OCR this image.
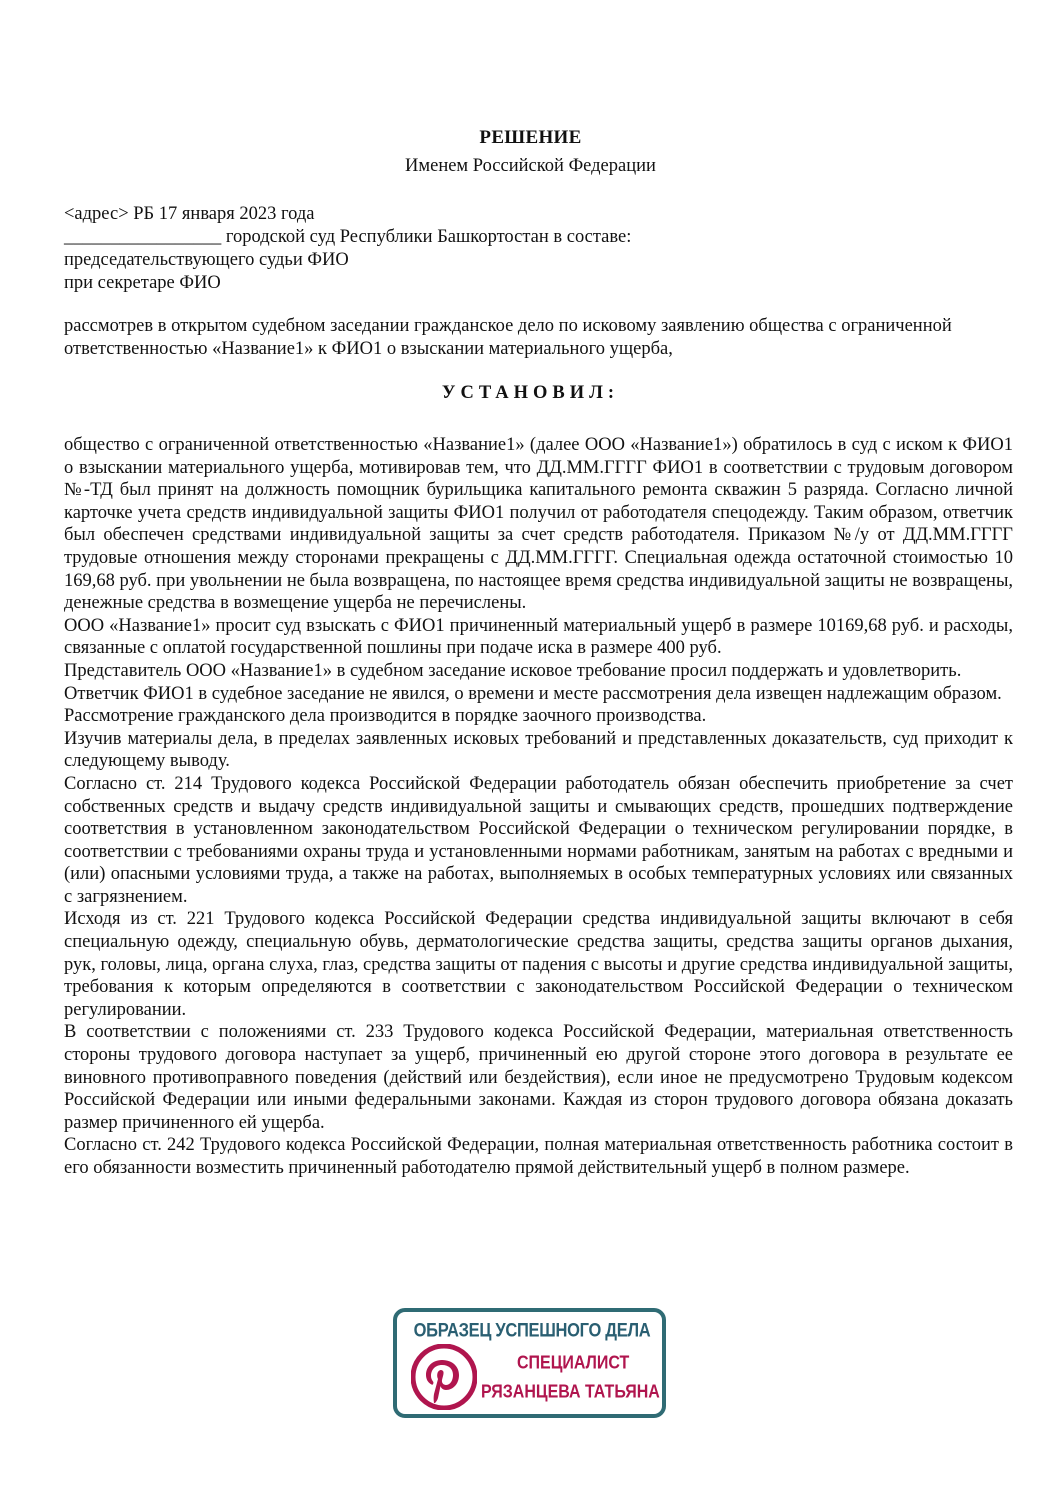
РЕШЕНИЕ
Именем Российской Федерации
<адрес> РБ 17 января 2023 года
_________________ городской суд Республики Башкортостан в составе:
председательствующего судьи ФИО
при секретаре ФИО
рассмотрев в открытом судебном заседании гражданское дело по исковому заявлению общества с ограниченной ответственностью «Название1» к ФИО1 о взыскании материального ущерба,
УСТАНОВИЛ:

общество с ограниченной ответственностью «Название1» (далее ООО «Название1») обратилось в суд с иском к ФИО1 о взыскании материального ущерба, мотивировав тем, что ДД.ММ.ГГГГ ФИО1 в соответствии с трудовым договором №-ТД был принят на должность помощник бурильщика капитального ремонта скважин 5 разряда. Согласно личной карточке учета средств индивидуальной защиты ФИО1 получил от работодателя спецодежду. Таким образом, ответчик был обеспечен средствами индивидуальной защиты за счет средств работодателя. Приказом №/у от ДД.ММ.ГГГГ трудовые отношения между сторонами прекращены с ДД.ММ.ГГГГ. Специальная одежда остаточной стоимостью 10 169,68 руб. при увольнении не была возвращена, по настоящее время средства индивидуальной защиты не возвращены, денежные средства в возмещение ущерба не перечислены.

ООО «Название1» просит суд взыскать с ФИО1 причиненный материальный ущерб в размере 10169,68 руб. и расходы, связанные с оплатой государственной пошлины при подаче иска в размере 400 руб.

Представитель ООО «Название1» в судебном заседание исковое требование просил поддержать и удовлетворить.

Ответчик ФИО1 в судебное заседание не явился, о времени и месте рассмотрения дела извещен надлежащим образом.

Рассмотрение гражданского дела производится в порядке заочного производства.

Изучив материалы дела, в пределах заявленных исковых требований и представленных доказательств, суд приходит к следующему выводу.

Согласно ст. 214 Трудового кодекса Российской Федерации работодатель обязан обеспечить приобретение за счет собственных средств и выдачу средств индивидуальной защиты и смывающих средств, прошедших подтверждение соответствия в установленном законодательством Российской Федерации о техническом регулировании порядке, в соответствии с требованиями охраны труда и установленными нормами работникам, занятым на работах с вредными и (или) опасными условиями труда, а также на работах, выполняемых в особых температурных условиях или связанных с загрязнением.

Исходя из ст. 221 Трудового кодекса Российской Федерации средства индивидуальной защиты включают в себя специальную одежду, специальную обувь, дерматологические средства защиты, средства защиты органов дыхания, рук, головы, лица, органа слуха, глаз, средства защиты от падения с высоты и другие средства индивидуальной защиты, требования к которым определяются в соответствии с законодательством Российской Федерации о техническом регулировании.

В соответствии с положениями ст. 233 Трудового кодекса Российской Федерации, материальная ответственность стороны трудового договора наступает за ущерб, причиненный ею другой стороне этого договора в результате ее виновного противоправного поведения (действий или бездействия), если иное не предусмотрено Трудовым кодексом Российской Федерации или иными федеральными законами. Каждая из сторон трудового договора обязана доказать размер причиненного ей ущерба.

Согласно ст. 242 Трудового кодекса Российской Федерации, полная материальная ответственность работника состоит в его обязанности возместить причиненный работодателю прямой действительный ущерб в полном размере.

ОБРАЗЕЦ УСПЕШНОГО ДЕЛА
СПЕЦИАЛИСТ
РЯЗАНЦЕВА ТАТЬЯНА
